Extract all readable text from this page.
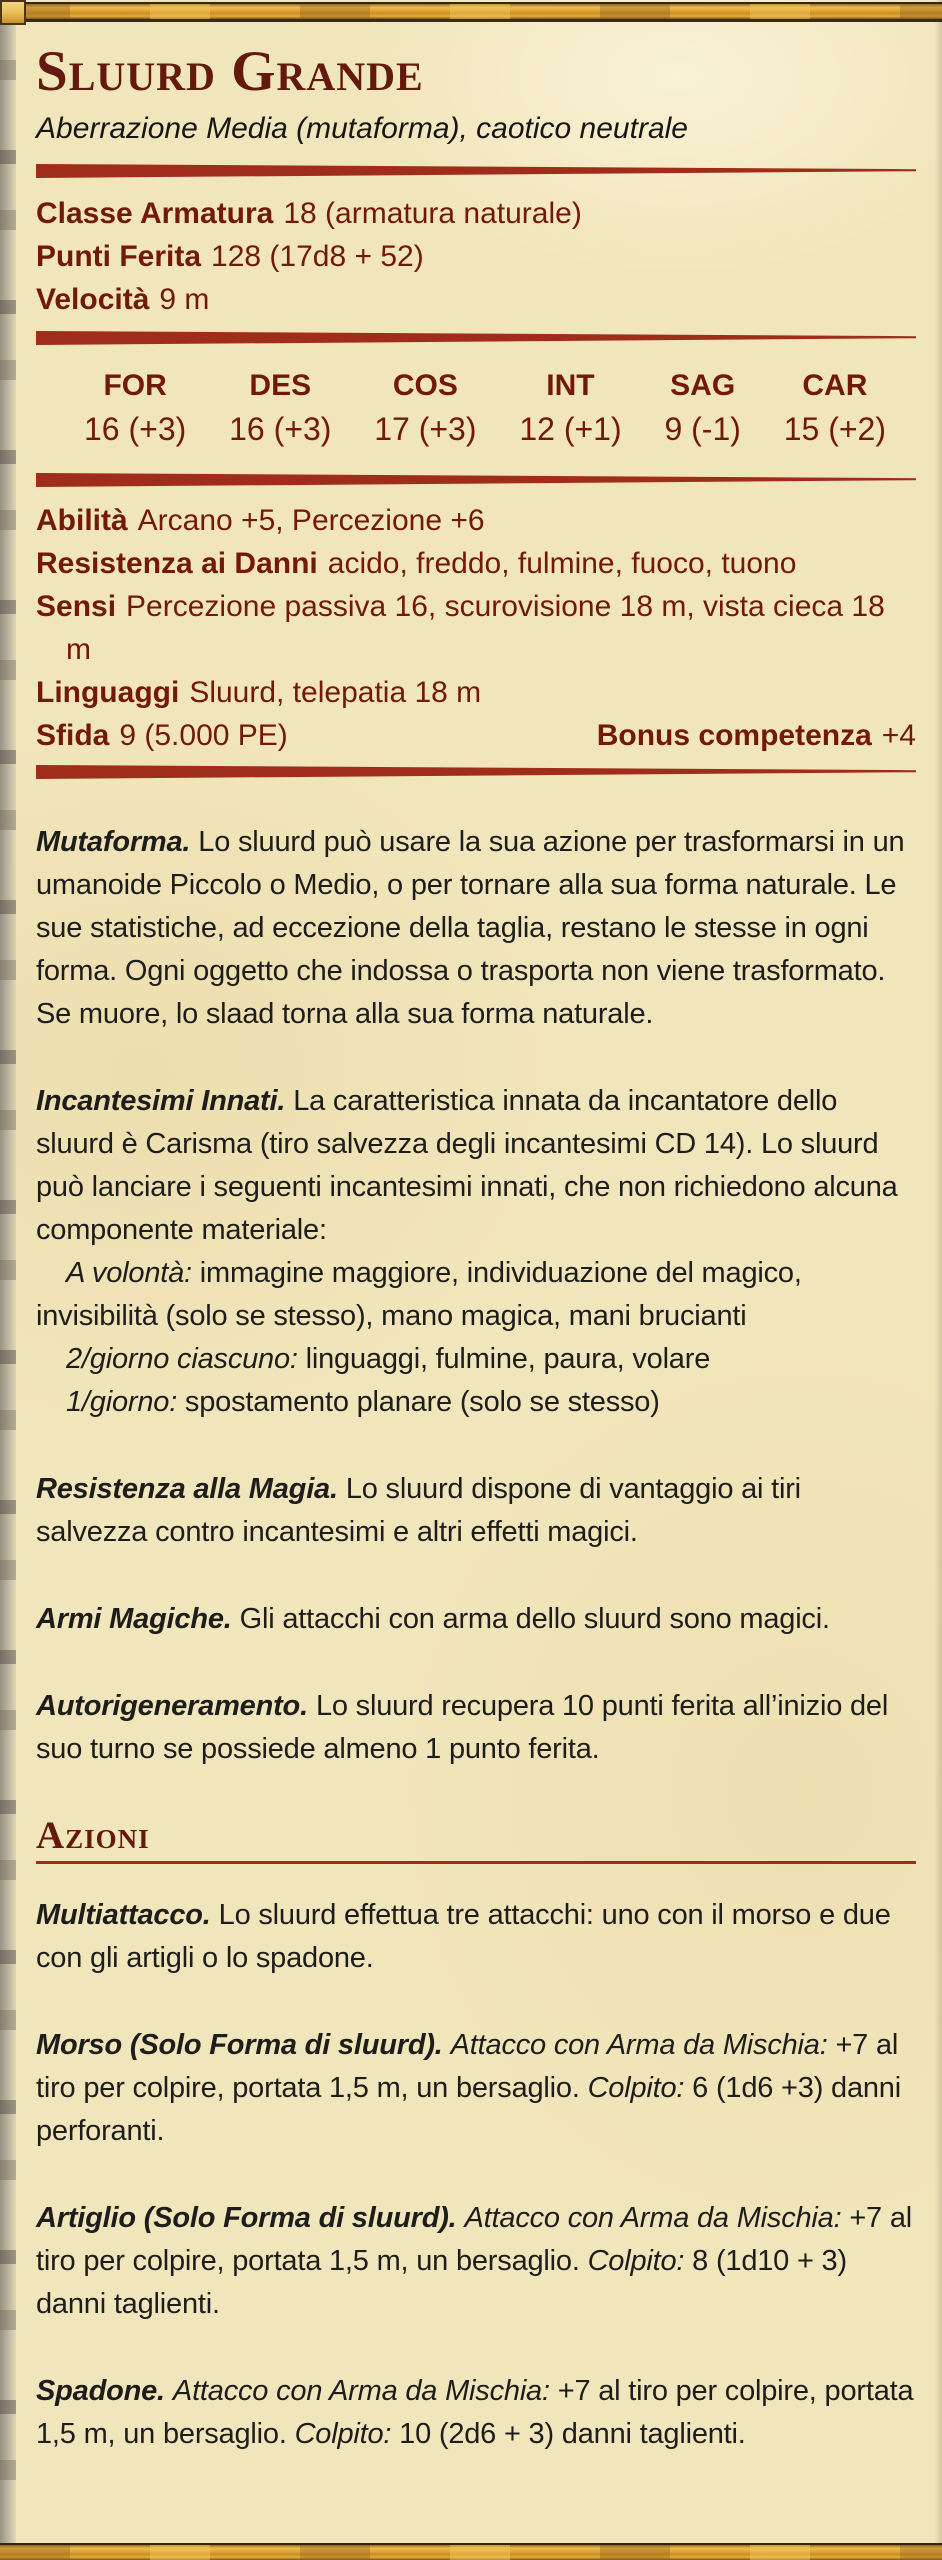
Sluurd Grande

Aberrazione Media (mutaforma), caotico neutrale

Classe Armatura 18 (armatura naturale)
Punti Ferita 128 (17d8 + 52)
Velocità 9 m
FOR
16 (+3)
DES
16 (+3)
COS
17 (+3)
INT
12 (+1)
SAG
9 (-1)
CAR
15 (+2)
Abilità Arcano +5, Percezione +6
Resistenza ai Danni acido, freddo, fulmine, fuoco, tuono
Sensi Percezione passiva 16, scurovisione 18 m, vista cieca 18 m
Linguaggi Sluurd, telepatia 18 m
Sfida 9 (5.000 PE)	Bonus competenza +4

Mutaforma. Lo sluurd può usare la sua azione per trasformarsi in un umanoide Piccolo o Medio, o per tornare alla sua forma naturale. Le sue statistiche, ad eccezione della taglia, restano le stesse in ogni forma. Ogni oggetto che indossa o trasporta non viene trasformato. Se muore, lo slaad torna alla sua forma naturale.

Incantesimi Innati. La caratteristica innata da incantatore dello sluurd è Carisma (tiro salvezza degli incantesimi CD 14). Lo sluurd può lanciare i seguenti incantesimi innati, che non richiedono alcuna componente materiale:

A volontà: immagine maggiore, individuazione del magico, invisibilità (solo se stesso), mano magica, mani brucianti

2/giorno ciascuno: linguaggi, fulmine, paura, volare

1/giorno: spostamento planare (solo se stesso)

Resistenza alla Magia. Lo sluurd dispone di vantaggio ai tiri salvezza contro incantesimi e altri effetti magici.

Armi Magiche. Gli attacchi con arma dello sluurd sono magici.

Autorigeneramento. Lo sluurd recupera 10 punti ferita all’inizio del suo turno se possiede almeno 1 punto ferita.

Azioni

Multiattacco. Lo sluurd effettua tre attacchi: uno con il morso e due con gli artigli o lo spadone.

Morso (Solo Forma di sluurd). Attacco con Arma da Mischia: +7 al tiro per colpire, portata 1,5 m, un bersaglio. Colpito: 6 (1d6 +3) danni perforanti.

Artiglio (Solo Forma di sluurd). Attacco con Arma da Mischia: +7 al tiro per colpire, portata 1,5 m, un bersaglio. Colpito: 8 (1d10 + 3) danni taglienti.

Spadone. Attacco con Arma da Mischia: +7 al tiro per colpire, portata 1,5 m, un bersaglio. Colpito: 10 (2d6 + 3) danni taglienti.
